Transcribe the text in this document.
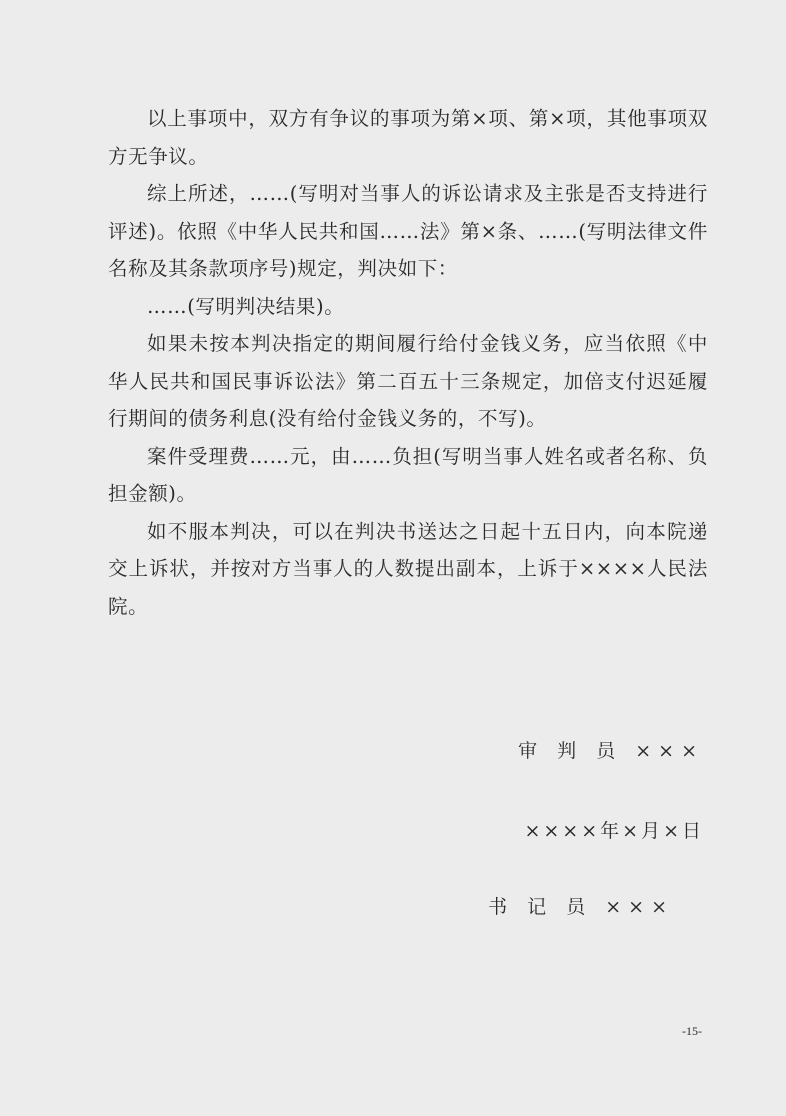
以上事项中，双方有争议的事项为第×项、第×项，其他事项双方无争议。

综上所述，……(写明对当事人的诉讼请求及主张是否支持进行评述)。依照《中华人民共和国……法》第×条、……(写明法律文件名称及其条款项序号)规定，判决如下：

……(写明判决结果)。

如果未按本判决指定的期间履行给付金钱义务，应当依照《中华人民共和国民事诉讼法》第二百五十三条规定，加倍支付迟延履行期间的债务利息(没有给付金钱义务的，不写)。

案件受理费……元，由……负担(写明当事人姓名或者名称、负担金额)。

如不服本判决，可以在判决书送达之日起十五日内，向本院递交上诉状，并按对方当事人的人数提出副本，上诉于××××人民法院。

审 判 员 ×××
××××年×月×日
书 记 员 ×××
-15-
